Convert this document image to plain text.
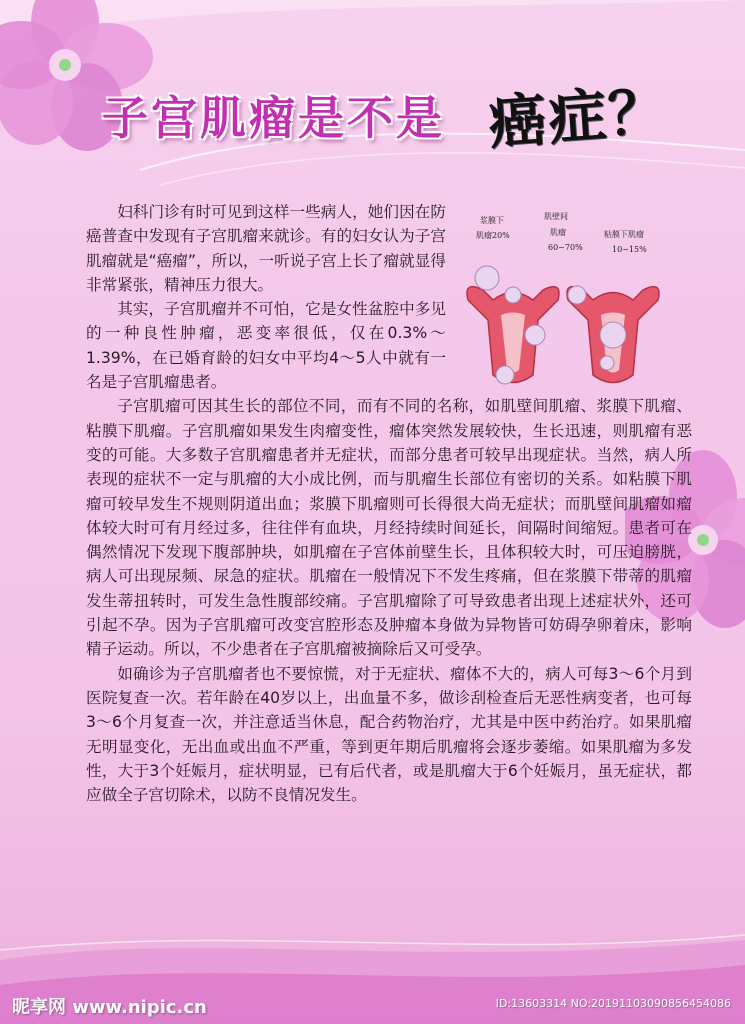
子宫肌瘤是不是 癌症？
浆膜下
肌瘤20%
肌壁间
肌瘤
60~70%
粘膜下肌瘤
10~15%

妇科门诊有时可见到这样一些病人，她们因在防癌普查中发现有子宫肌瘤来就诊。有的妇女认为子宫肌瘤就是“癌瘤”，所以，一听说子宫上长了瘤就显得非常紧张，精神压力很大。

其实，子宫肌瘤并不可怕，它是女性盆腔中多见的一种良性肿瘤，恶变率很低，仅在0.3%～1.39%，在已婚育龄的妇女中平均4～5人中就有一名是子宫肌瘤患者。

子宫肌瘤可因其生长的部位不同，而有不同的名称，如肌壁间肌瘤、浆膜下肌瘤、粘膜下肌瘤。子宫肌瘤如果发生肉瘤变性，瘤体突然发展较快，生长迅速，则肌瘤有恶变的可能。大多数子宫肌瘤患者并无症状，而部分患者可较早出现症状。当然，病人所表现的症状不一定与肌瘤的大小成比例，而与肌瘤生长部位有密切的关系。如粘膜下肌瘤可较早发生不规则阴道出血；浆膜下肌瘤则可长得很大尚无症状；而肌壁间肌瘤如瘤体较大时可有月经过多，往往伴有血块，月经持续时间延长，间隔时间缩短。患者可在偶然情况下发现下腹部肿块，如肌瘤在子宫体前壁生长，且体积较大时，可压迫膀胱，病人可出现尿频、尿急的症状。肌瘤在一般情况下不发生疼痛，但在浆膜下带蒂的肌瘤发生蒂扭转时，可发生急性腹部绞痛。子宫肌瘤除了可导致患者出现上述症状外，还可引起不孕。因为子宫肌瘤可改变宫腔形态及肿瘤本身做为异物皆可妨碍孕卵着床，影响精子运动。所以，不少患者在子宫肌瘤被摘除后又可受孕。

如确诊为子宫肌瘤者也不要惊慌，对于无症状、瘤体不大的，病人可每3～6个月到医院复查一次。若年龄在40岁以上，出血量不多，做诊刮检查后无恶性病变者，也可每3～6个月复查一次，并注意适当休息，配合药物治疗，尤其是中医中药治疗。如果肌瘤无明显变化，无出血或出血不严重，等到更年期后肌瘤将会逐步萎缩。如果肌瘤为多发性，大于3个妊娠月，症状明显，已有后代者，或是肌瘤大于6个妊娠月，虽无症状，都应做全子宫切除术，以防不良情况发生。

昵享网 www.nipic.cn	ID:13603314 NO:20191103090856454086
